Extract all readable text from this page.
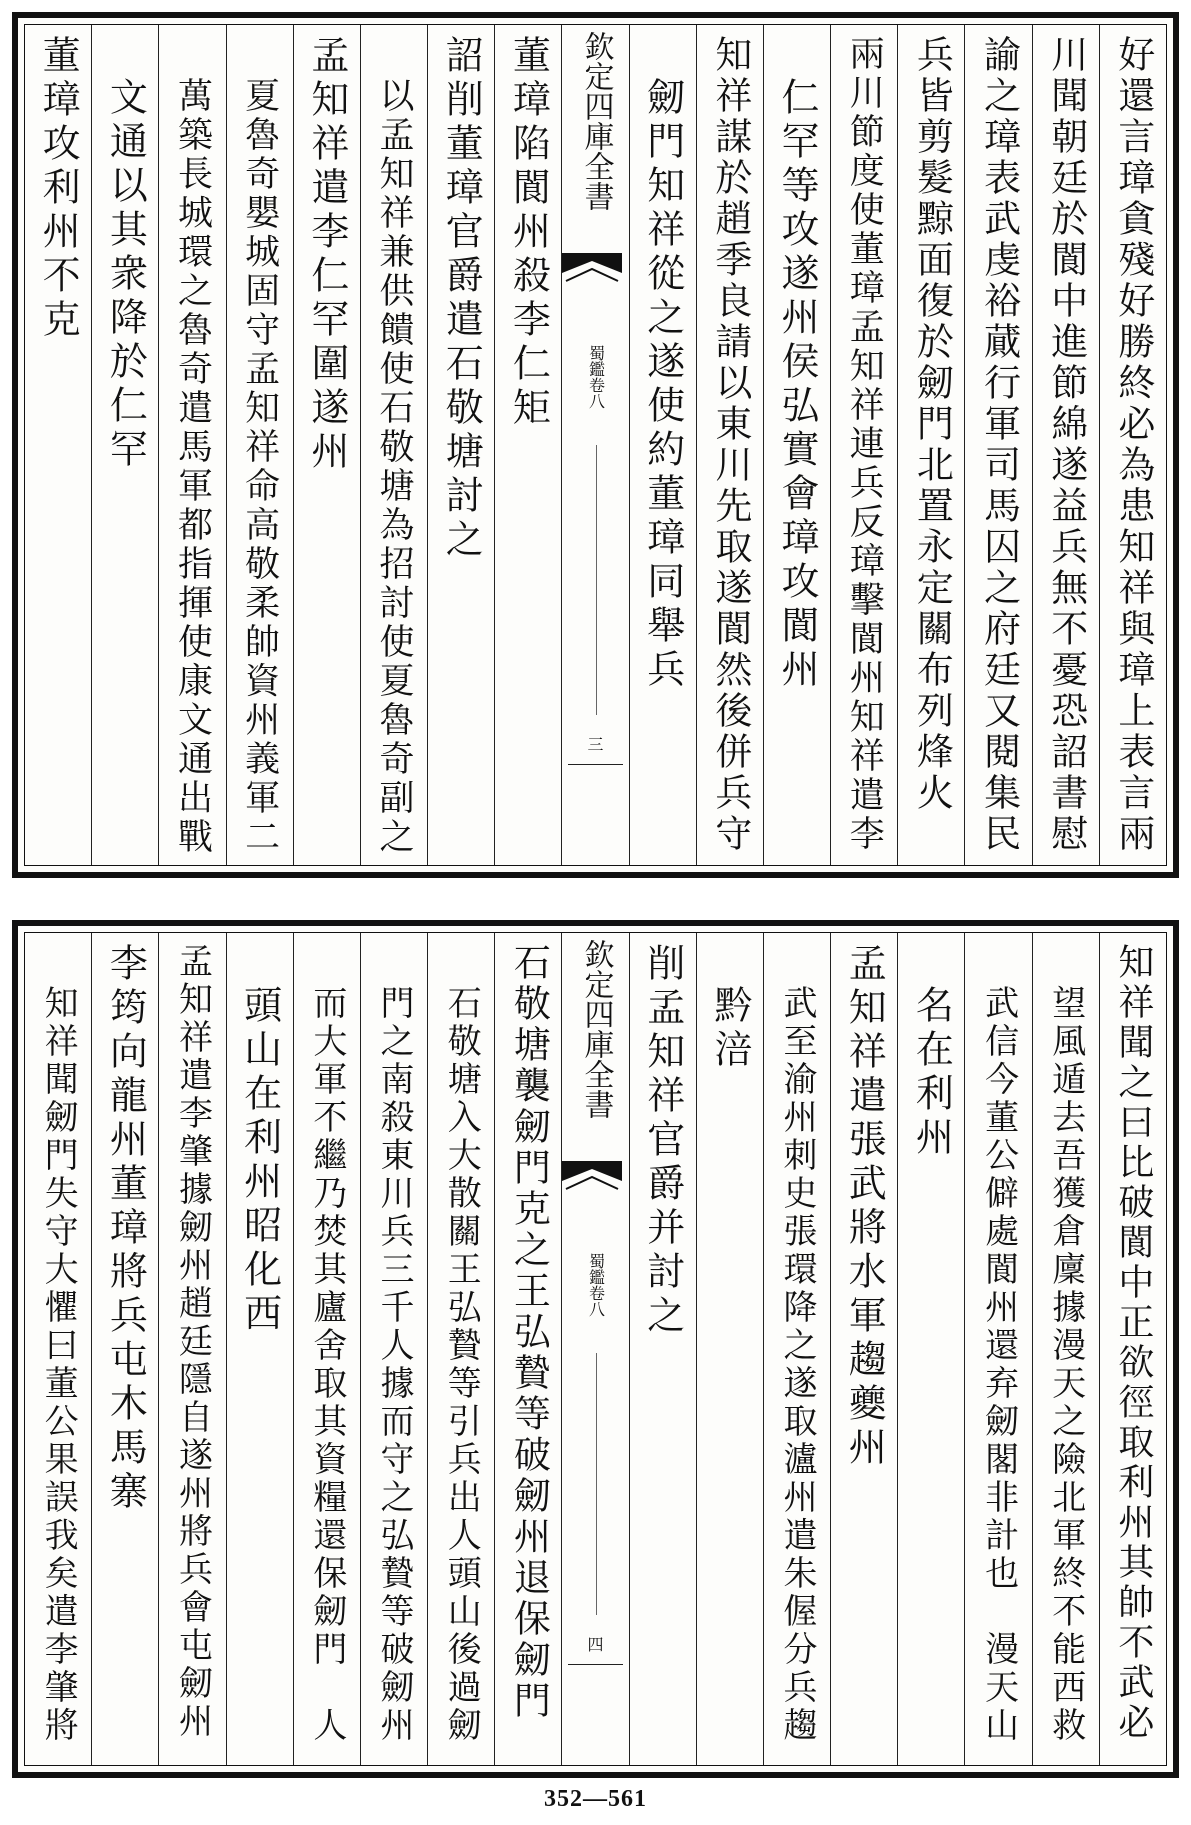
好還言璋貪殘好勝終必為患知祥與璋上表言兩
川聞朝廷於閬中進節綿遂益兵無不憂恐詔書慰
諭之璋表武虔裕蕆行軍司馬囚之府廷又閱集民
兵皆剪髮黥面復於劒門北置永定關布列烽火
兩川節度使董璋孟知祥連兵反璋擊閬州知祥遣李
仁罕等攻遂州侯弘實會璋攻閬州
知祥謀於趙季良請以東川先取遂閬然後併兵守
劒門知祥從之遂使約董璋同舉兵
欽定四庫全書
蜀鑑
卷八
三
董璋陷閬州殺李仁矩
詔削董璋官爵遣石敬塘討之
以孟知祥兼供饋使石敬塘為招討使夏魯奇副之
孟知祥遣李仁罕圍遂州
夏魯奇嬰城固守孟知祥命高敬柔帥資州義軍二
萬築長城環之魯奇遣馬軍都指揮使康文通出戰
文通以其衆降於仁罕
董璋攻利州不克
知祥聞之曰比破閬中正欲徑取利州其帥不武必
望風遁去吾獲倉廩據漫天之險北軍終不能西救
武信今董公僻處閬州還弃劒閣非計也　漫天山
名在利州
孟知祥遣張武將水軍趨夔州
武至渝州刺史張環降之遂取瀘州遣朱偓分兵趨
黔涪
削孟知祥官爵并討之
欽定四庫全書
蜀鑑
卷八
四
石敬塘襲劒門克之王弘贄等破劒州退保劒門
石敬塘入大散關王弘贄等引兵出人頭山後過劒
門之南殺東川兵三千人據而守之弘贄等破劒州
而大軍不繼乃焚其廬舍取其資糧還保劒門　人
頭山在利州昭化西
孟知祥遣李肇據劒州趙廷隱自遂州將兵會屯劒州
李筠向龍州董璋將兵屯木馬寨
知祥聞劒門失守大懼曰董公果誤我矣遣李肇將
352—561
